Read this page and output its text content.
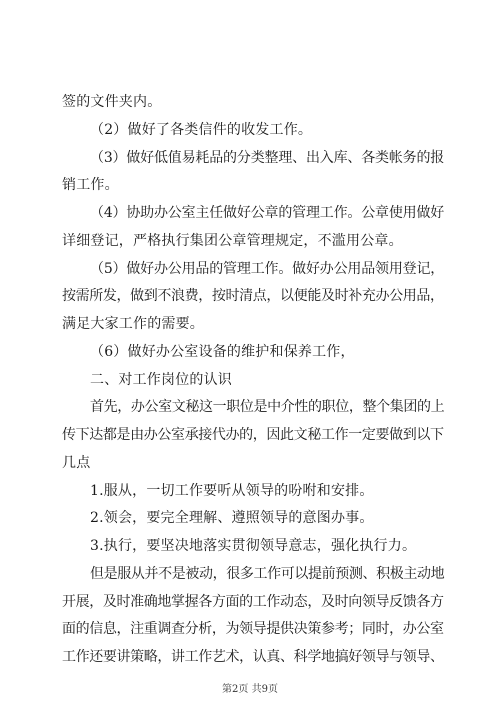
签的文件夹内。
（2）做好了各类信件的收发工作。
（3）做好低值易耗品的分类整理、出入库、各类帐务的报
销工作。
（4）协助办公室主任做好公章的管理工作。公章使用做好
详细登记，严格执行集团公章管理规定，不滥用公章。
（5）做好办公用品的管理工作。做好办公用品领用登记，
按需所发，做到不浪费，按时清点，以便能及时补充办公用品，
满足大家工作的需要。
（6）做好办公室设备的维护和保养工作，
二、对工作岗位的认识
首先，办公室文秘这一职位是中介性的职位，整个集团的上
传下达都是由办公室承接代办的，因此文秘工作一定要做到以下
几点
1.服从，一切工作要听从领导的吩咐和安排。
2.领会，要完全理解、遵照领导的意图办事。
3.执行，要坚决地落实贯彻领导意志，强化执行力。
但是服从并不是被动，很多工作可以提前预测、积极主动地
开展，及时准确地掌握各方面的工作动态，及时向领导反馈各方
面的信息，注重调查分析，为领导提供决策参考；同时，办公室
工作还要讲策略，讲工作艺术，认真、科学地搞好领导与领导、
第2页 共9页
